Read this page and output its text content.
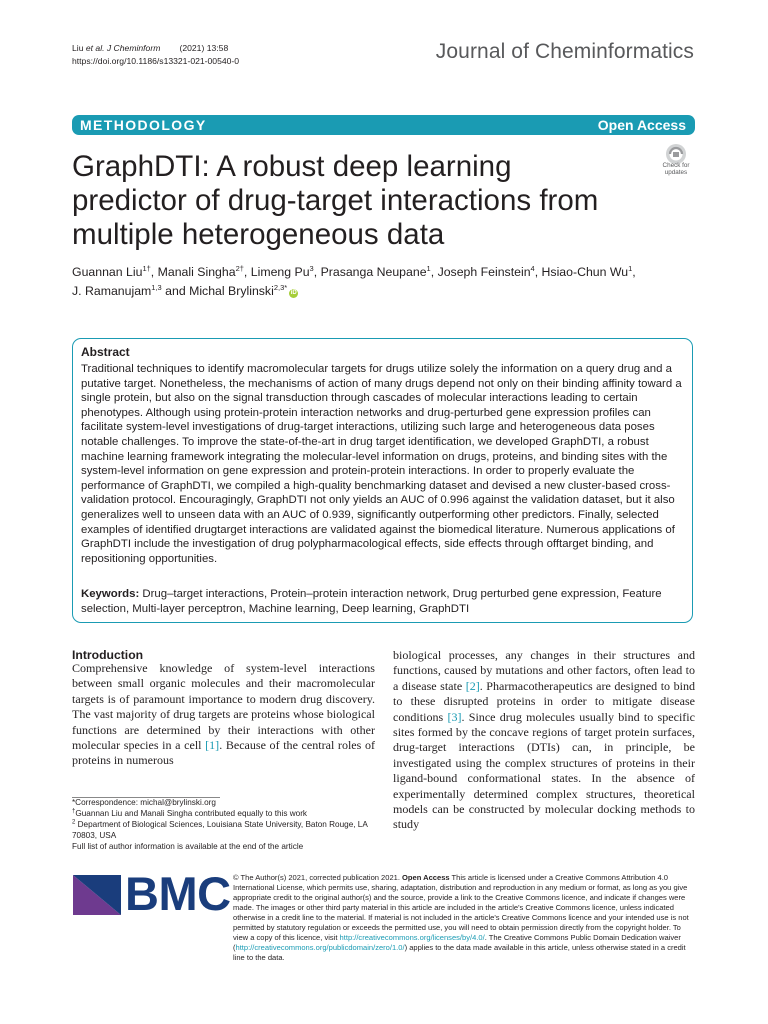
Liu et al. J Cheminform (2021) 13:58
https://doi.org/10.1186/s13321-021-00540-0	Journal of Cheminformatics
METHODOLOGY	Open Access
GraphDTI: A robust deep learning predictor of drug-target interactions from multiple heterogeneous data
Check for
updates
Guannan Liu$^{1\dagger}$, Manali Singha$^{2\dagger}$, Limeng Pu$^3$, Prasanga Neupane$^1$, Joseph Feinstein$^4$, Hsiao-Chun Wu$^1$,
J. Ramanujam$^{1,3}$ and Michal Brylinski$^{2,3*}$iD
Abstract

Traditional techniques to identify macromolecular targets for drugs utilize solely the information on a query drug and a putative target. Nonetheless, the mechanisms of action of many drugs depend not only on their binding affinity toward a single protein, but also on the signal transduction through cascades of molecular interactions leading to certain phenotypes. Although using protein-protein interaction networks and drug-perturbed gene expression profiles can facilitate system-level investigations of drug-target interactions, utilizing such large and heterogeneous data poses notable challenges. To improve the state-of-the-art in drug target identification, we developed GraphDTI, a robust machine learning framework integrating the molecular-level information on drugs, proteins, and binding sites with the system-level information on gene expression and protein-protein interactions. In order to properly evaluate the performance of GraphDTI, we compiled a high-quality benchmarking dataset and devised a new cluster-based cross-validation protocol. Encouragingly, GraphDTI not only yields an AUC of 0.996 against the validation dataset, but it also generalizes well to unseen data with an AUC of 0.939, significantly outperforming other predictors. Finally, selected examples of identified drugtarget interactions are validated against the biomedical literature. Numerous applications of GraphDTI include the investigation of drug polypharmacological effects, side effects through offtarget binding, and repositioning opportunities.

Keywords: Drug–target interactions, Protein–protein interaction network, Drug perturbed gene expression, Feature selection, Multi-layer perceptron, Machine learning, Deep learning, GraphDTI

Introduction

Comprehensive knowledge of system-level interactions between small organic molecules and their macromolecular targets is of paramount importance to modern drug discovery. The vast majority of drug targets are proteins whose biological functions are determined by their interactions with other molecular species in a cell [1]. Because of the central roles of proteins in numerous

biological processes, any changes in their structures and functions, caused by mutations and other factors, often lead to a disease state [2]. Pharmacotherapeutics are designed to bind to these disrupted proteins in order to mitigate disease conditions [3]. Since drug molecules usually bind to specific sites formed by the concave regions of target protein surfaces, drug-target interactions (DTIs) can, in principle, be investigated using the complex structures of proteins in their ligand-bound conformational states. In the absence of experimentally determined complex structures, theoretical models can be constructed by molecular docking methods to study

*Correspondence: michal@brylinski.org

†Guannan Liu and Manali Singha contributed equally to this work

$^2$ Department of Biological Sciences, Louisiana State University, Baton Rouge, LA 70803, USA

Full list of author information is available at the end of the article

BMC © The Author(s) 2021, corrected publication 2021. Open Access This article is licensed under a Creative Commons Attribution 4.0 International License, which permits use, sharing, adaptation, distribution and reproduction in any medium or format, as long as you give appropriate credit to the original author(s) and the source, provide a link to the Creative Commons licence, and indicate if changes were made. The images or other third party material in this article are included in the article's Creative Commons licence, unless indicated otherwise in a credit line to the material. If material is not included in the article's Creative Commons licence and your intended use is not permitted by statutory regulation or exceeds the permitted use, you will need to obtain permission directly from the copyright holder. To view a copy of this licence, visit http://creativecommons.org/licenses/by/4.0/. The Creative Commons Public Domain Dedication waiver (http://creativecommons.org/publicdomain/zero/1.0/) applies to the data made available in this article, unless otherwise stated in a credit line to the data.
